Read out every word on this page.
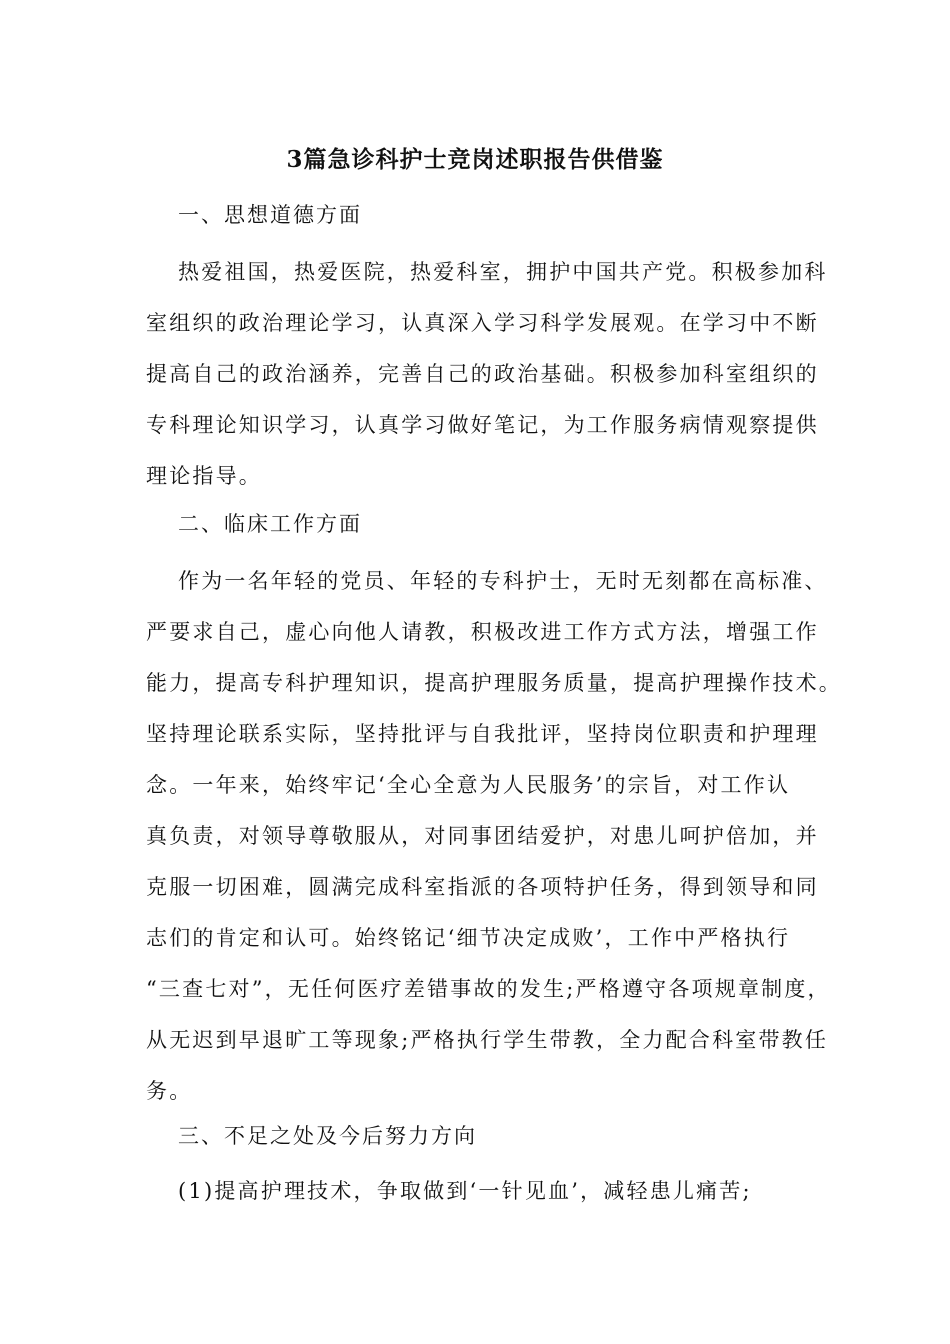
3篇急诊科护士竞岗述职报告供借鉴
一、思想道德方面
热爱祖国，热爱医院，热爱科室，拥护中国共产党。积极参加科
室组织的政治理论学习，认真深入学习科学发展观。在学习中不断
提高自己的政治涵养，完善自己的政治基础。积极参加科室组织的
专科理论知识学习，认真学习做好笔记，为工作服务病情观察提供
理论指导。
二、临床工作方面
作为一名年轻的党员、年轻的专科护士，无时无刻都在高标准、
严要求自己，虚心向他人请教，积极改进工作方式方法，增强工作
能力，提高专科护理知识，提高护理服务质量，提高护理操作技术。
坚持理论联系实际，坚持批评与自我批评，坚持岗位职责和护理理
念。一年来，始终牢记‘全心全意为人民服务’的宗旨，对工作认
真负责，对领导尊敬服从，对同事团结爱护，对患儿呵护倍加，并
克服一切困难，圆满完成科室指派的各项特护任务，得到领导和同
志们的肯定和认可。始终铭记‘细节决定成败’，工作中严格执行
“三查七对”，无任何医疗差错事故的发生;严格遵守各项规章制度，
从无迟到早退旷工等现象;严格执行学生带教，全力配合科室带教任
务。
三、不足之处及今后努力方向
(1)提高护理技术，争取做到‘一针见血’，减轻患儿痛苦;
